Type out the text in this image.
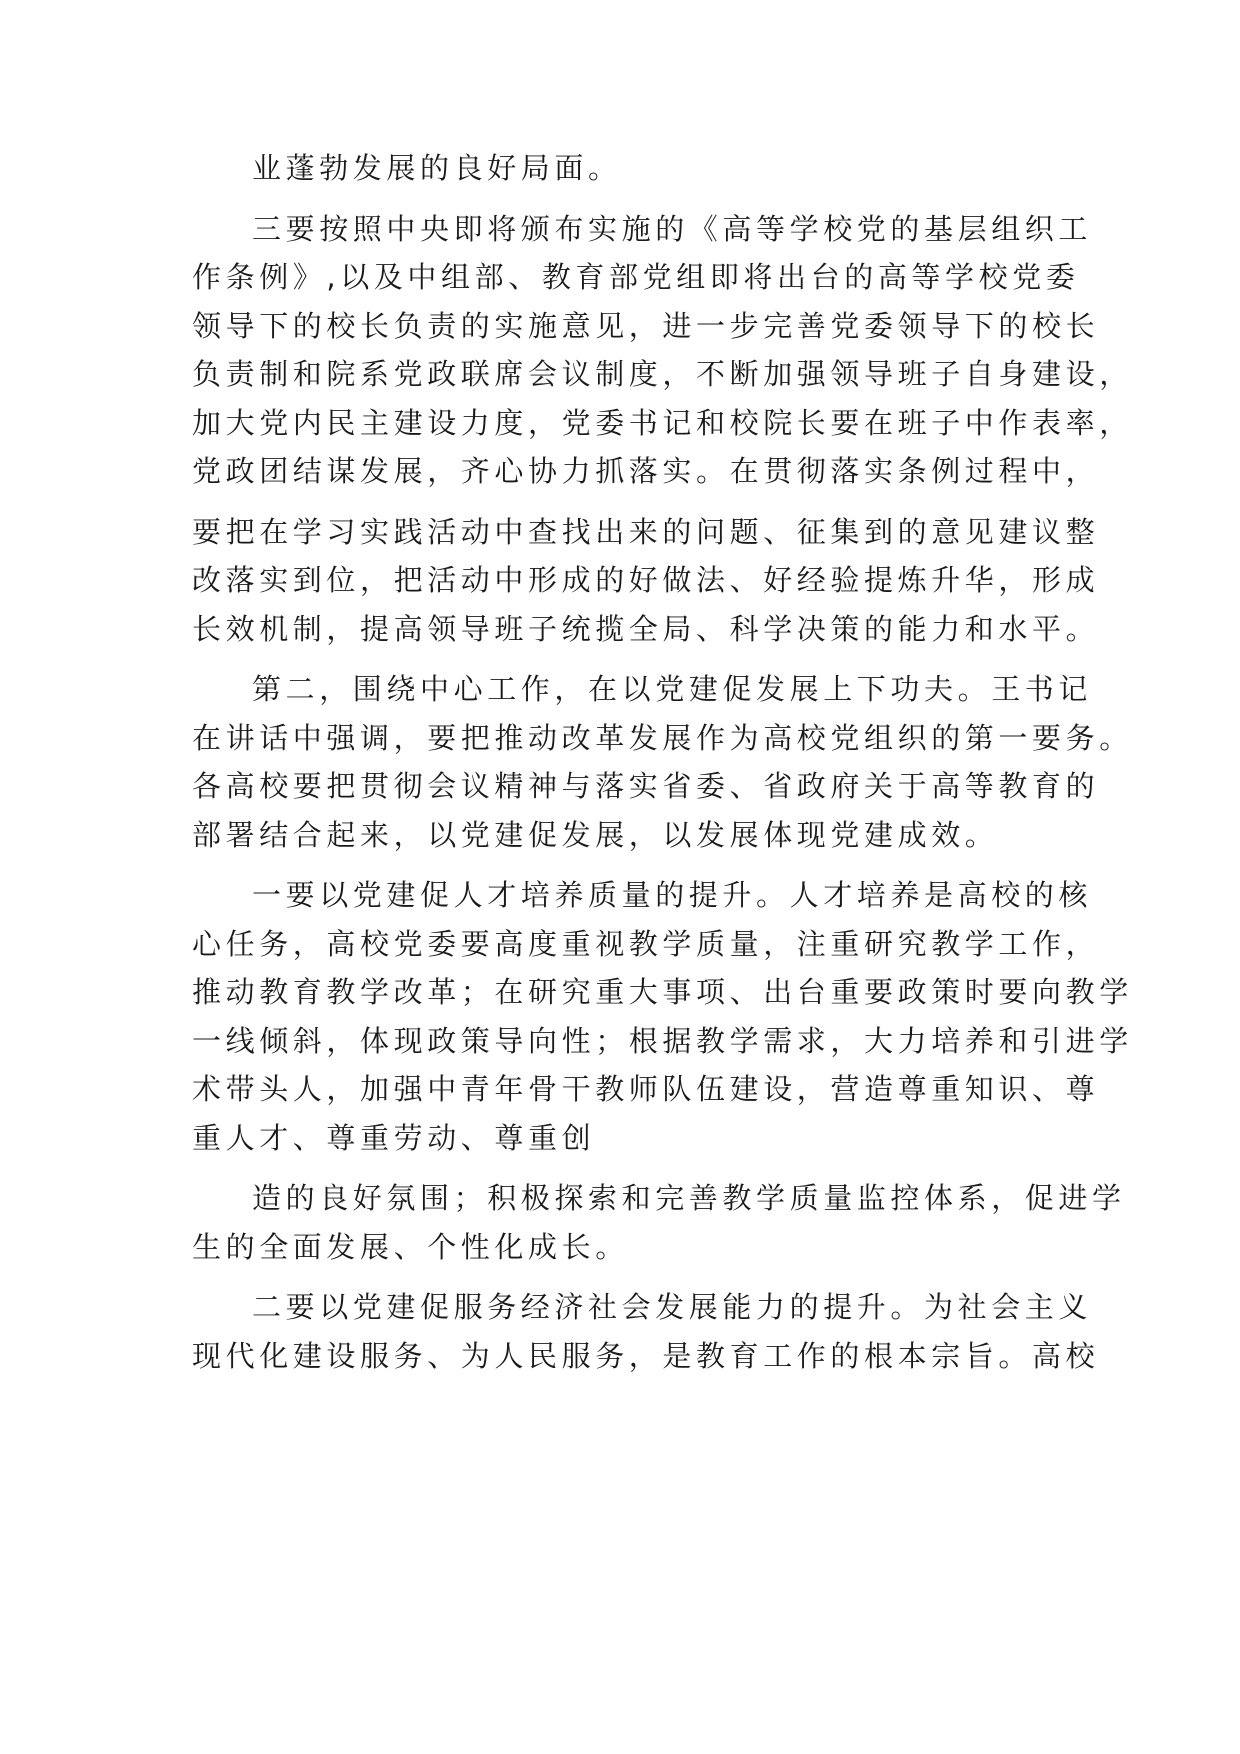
业蓬勃发展的良好局面。

三要按照中央即将颁布实施的《高等学校党的基层组织工
作条例》,以及中组部、教育部党组即将出台的高等学校党委
领导下的校长负责的实施意见，进一步完善党委领导下的校长
负责制和院系党政联席会议制度，不断加强领导班子自身建设，
加大党内民主建设力度，党委书记和校院长要在班子中作表率，
党政团结谋发展，齐心协力抓落实。在贯彻落实条例过程中，

要把在学习实践活动中查找出来的问题、征集到的意见建议整
改落实到位，把活动中形成的好做法、好经验提炼升华，形成
长效机制，提高领导班子统揽全局、科学决策的能力和水平。

第二，围绕中心工作，在以党建促发展上下功夫。王书记
在讲话中强调，要把推动改革发展作为高校党组织的第一要务。
各高校要把贯彻会议精神与落实省委、省政府关于高等教育的
部署结合起来，以党建促发展，以发展体现党建成效。

一要以党建促人才培养质量的提升。人才培养是高校的核
心任务，高校党委要高度重视教学质量，注重研究教学工作，
推动教育教学改革；在研究重大事项、出台重要政策时要向教学
一线倾斜，体现政策导向性；根据教学需求，大力培养和引进学
术带头人，加强中青年骨干教师队伍建设，营造尊重知识、尊
重人才、尊重劳动、尊重创

造的良好氛围；积极探索和完善教学质量监控体系，促进学
生的全面发展、个性化成长。

二要以党建促服务经济社会发展能力的提升。为社会主义
现代化建设服务、为人民服务，是教育工作的根本宗旨。高校
